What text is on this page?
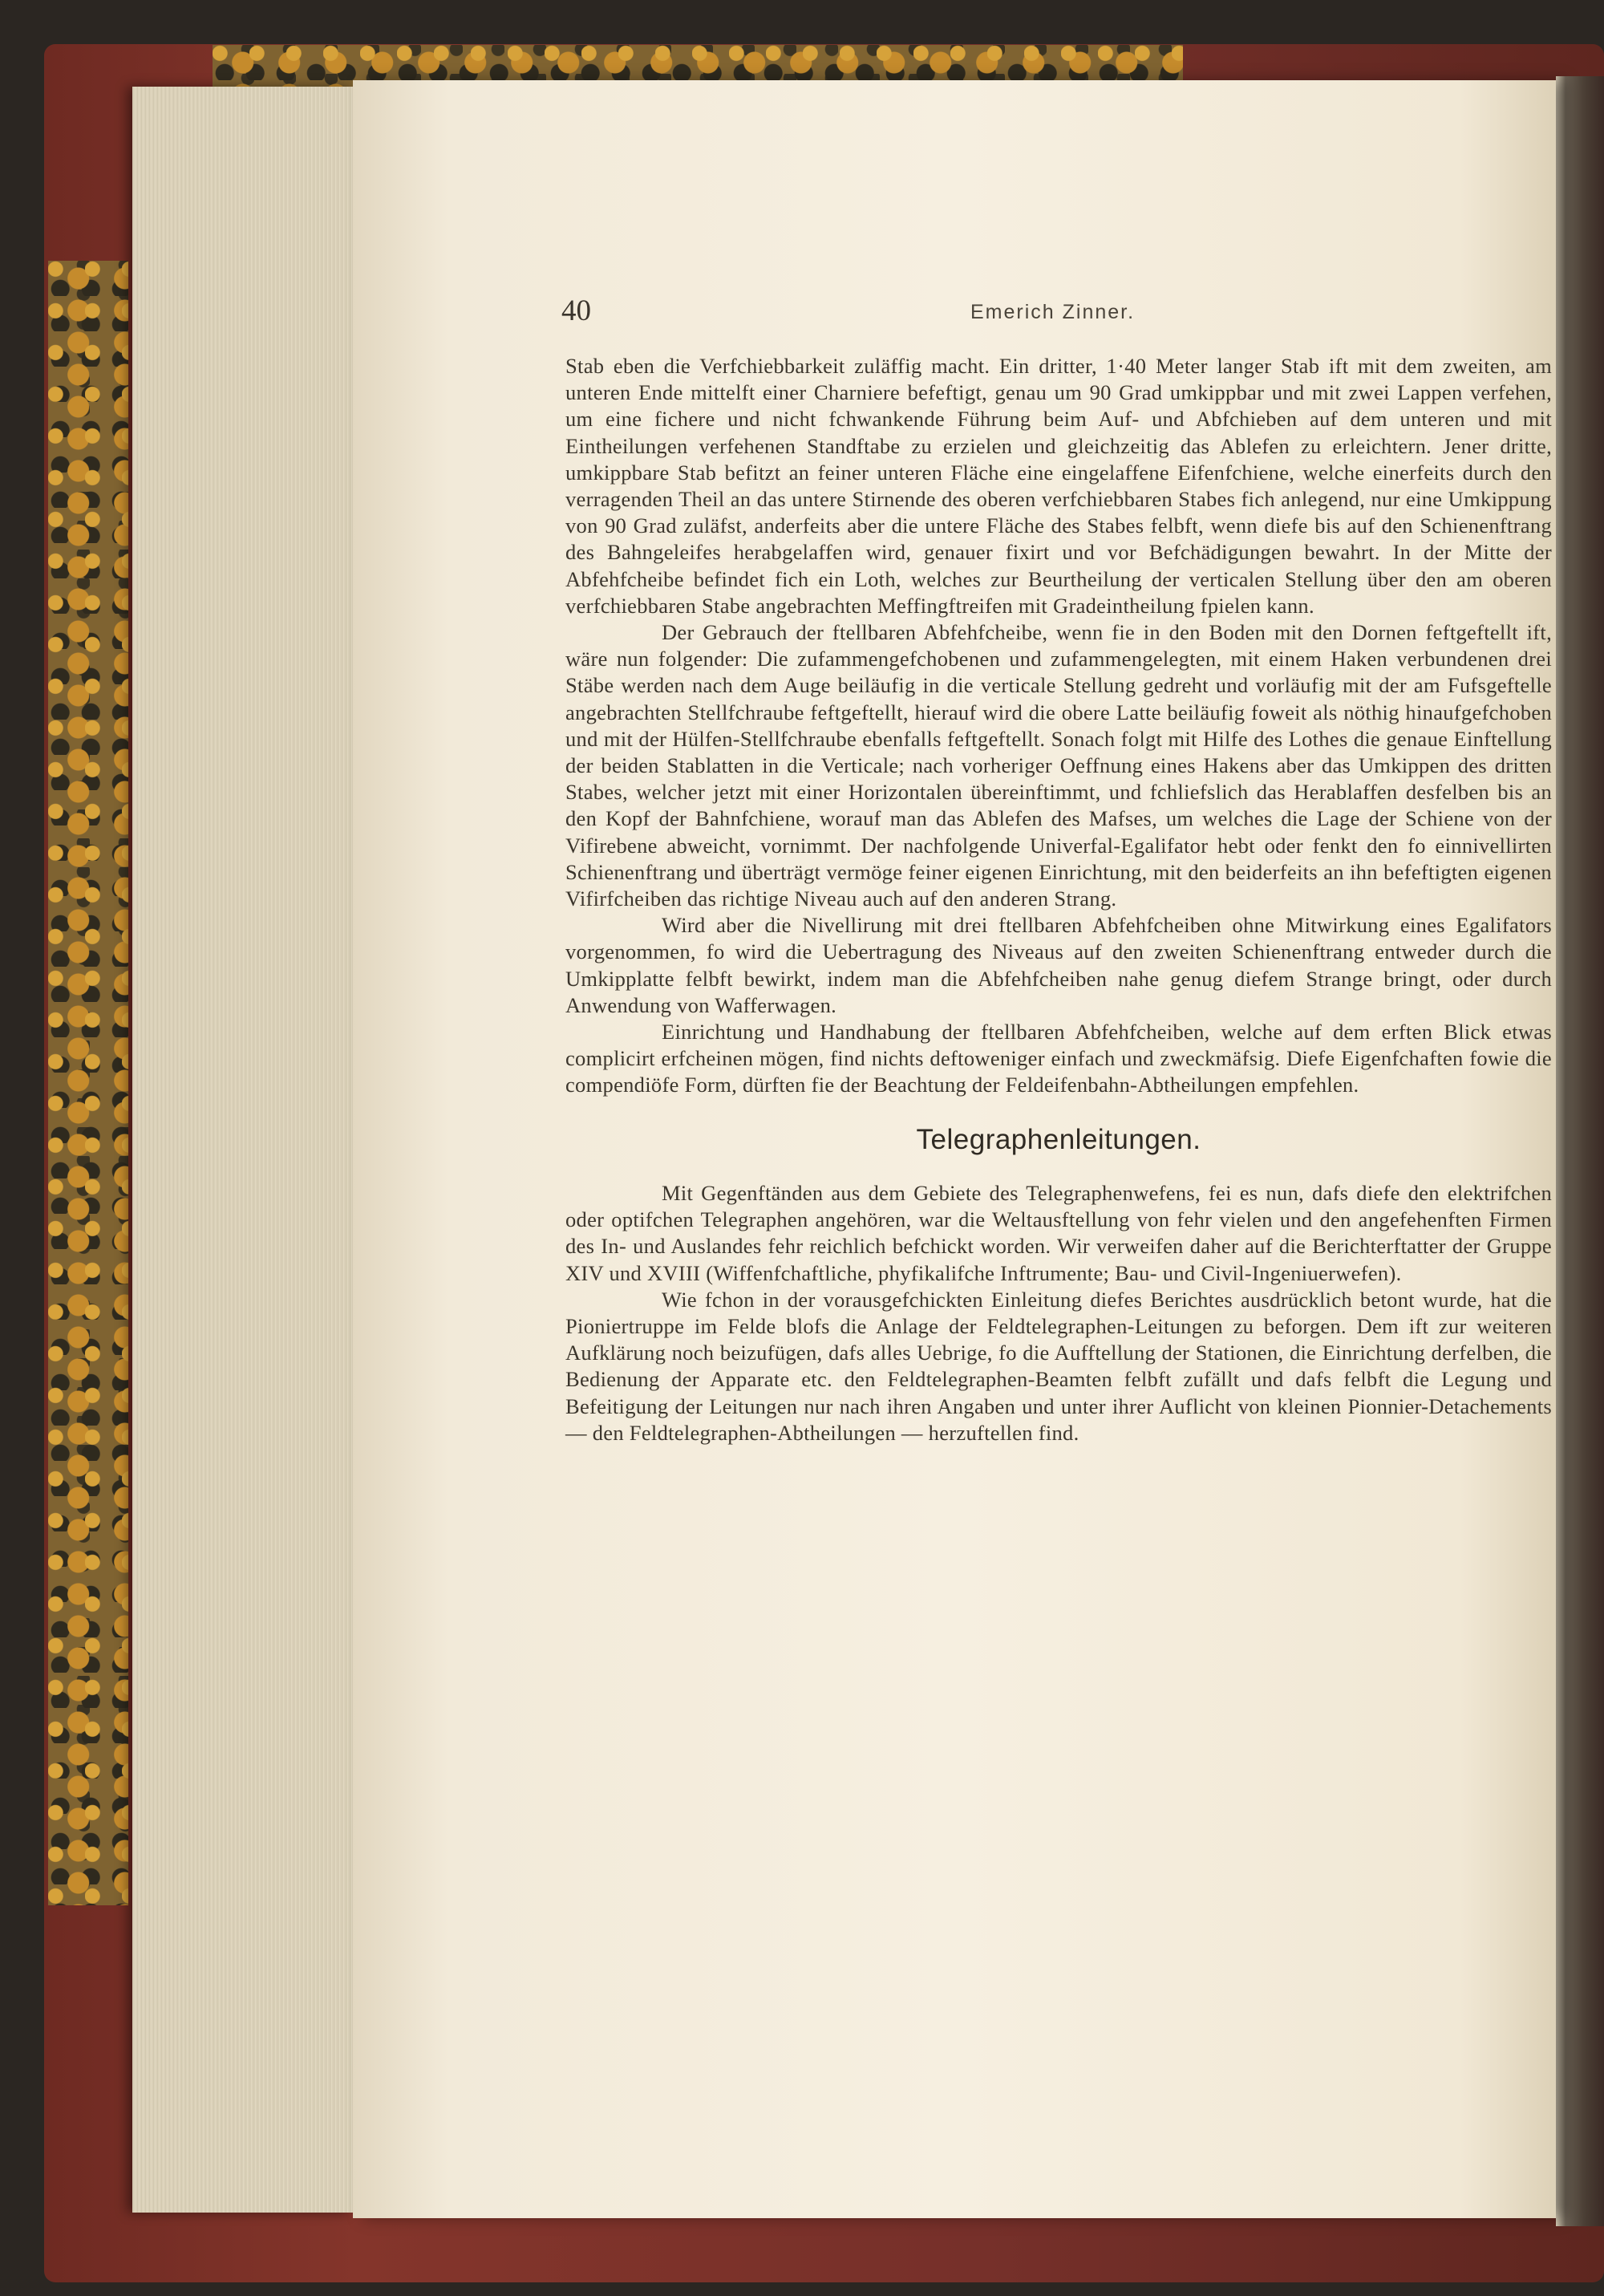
40	Emerich Zinner.

Stab eben die Verfchiebbarkeit zuläffig macht. Ein dritter, 1·40 Meter langer Stab ift mit dem zweiten, am unteren Ende mittelft einer Charniere befeftigt, genau um 90 Grad umkippbar und mit zwei Lappen verfehen, um eine fichere und nicht fchwankende Führung beim Auf- und Abfchieben auf dem unteren und mit Eintheilungen verfehenen Standftabe zu erzielen und gleichzeitig das Ablefen zu erleichtern. Jener dritte, umkippbare Stab befitzt an feiner unteren Fläche eine eingelaffene Eifenfchiene, welche einerfeits durch den verragenden Theil an das untere Stirnende des oberen verfchiebbaren Stabes fich anlegend, nur eine Umkippung von 90 Grad zuläfst, anderfeits aber die untere Fläche des Stabes felbft, wenn diefe bis auf den Schienenftrang des Bahngeleifes herabgelaffen wird, genauer fixirt und vor Befchädigungen bewahrt. In der Mitte der Abfehfcheibe befindet fich ein Loth, welches zur Beurtheilung der verticalen Stellung über den am oberen verfchiebbaren Stabe angebrachten Meffingftreifen mit Gradeintheilung fpielen kann.

Der Gebrauch der ftellbaren Abfehfcheibe, wenn fie in den Boden mit den Dornen feftgeftellt ift, wäre nun folgender: Die zufammengefchobenen und zufammengelegten, mit einem Haken verbundenen drei Stäbe werden nach dem Auge beiläufig in die verticale Stellung gedreht und vorläufig mit der am Fufsgeftelle angebrachten Stellfchraube feftgeftellt, hierauf wird die obere Latte beiläufig foweit als nöthig hinaufgefchoben und mit der Hülfen-Stellfchraube ebenfalls feftgeftellt. Sonach folgt mit Hilfe des Lothes die genaue Einftellung der beiden Stablatten in die Verticale; nach vorheriger Oeffnung eines Hakens aber das Umkippen des dritten Stabes, welcher jetzt mit einer Horizontalen übereinftimmt, und fchliefslich das Herablaffen desfelben bis an den Kopf der Bahnfchiene, worauf man das Ablefen des Mafses, um welches die Lage der Schiene von der Vifirebene abweicht, vornimmt. Der nachfolgende Univerfal-Egalifator hebt oder fenkt den fo einnivellirten Schienenftrang und überträgt vermöge feiner eigenen Einrichtung, mit den beiderfeits an ihn befeftigten eigenen Vifirfcheiben das richtige Niveau auch auf den anderen Strang.

Wird aber die Nivellirung mit drei ftellbaren Abfehfcheiben ohne Mitwirkung eines Egalifators vorgenommen, fo wird die Uebertragung des Niveaus auf den zweiten Schienenftrang entweder durch die Umkipplatte felbft bewirkt, indem man die Abfehfcheiben nahe genug diefem Strange bringt, oder durch Anwendung von Wafferwagen.

Einrichtung und Handhabung der ftellbaren Abfehfcheiben, welche auf dem erften Blick etwas complicirt erfcheinen mögen, find nichts deftoweniger einfach und zweckmäfsig. Diefe Eigenfchaften fowie die compendiöfe Form, dürften fie der Beachtung der Feldeifenbahn-Abtheilungen empfehlen.

Telegraphenleitungen.

Mit Gegenftänden aus dem Gebiete des Telegraphenwefens, fei es nun, dafs diefe den elektrifchen oder optifchen Telegraphen angehören, war die Weltausftellung von fehr vielen und den angefehenften Firmen des In- und Auslandes fehr reichlich befchickt worden. Wir verweifen daher auf die Berichterftatter der Gruppe XIV und XVIII (Wiffenfchaftliche, phyfikalifche Inftrumente; Bau- und Civil-Ingeniuerwefen).

Wie fchon in der vorausgefchickten Einleitung diefes Berichtes ausdrücklich betont wurde, hat die Pioniertruppe im Felde blofs die Anlage der Feldtelegraphen-Leitungen zu beforgen. Dem ift zur weiteren Aufklärung noch beizufügen, dafs alles Uebrige, fo die Aufftellung der Stationen, die Einrichtung derfelben, die Bedienung der Apparate etc. den Feldtelegraphen-Beamten felbft zufällt und dafs felbft die Legung und Befeitigung der Leitungen nur nach ihren Angaben und unter ihrer Auflicht von kleinen Pionnier-Detachements — den Feldtelegraphen-Abtheilungen — herzuftellen find.
